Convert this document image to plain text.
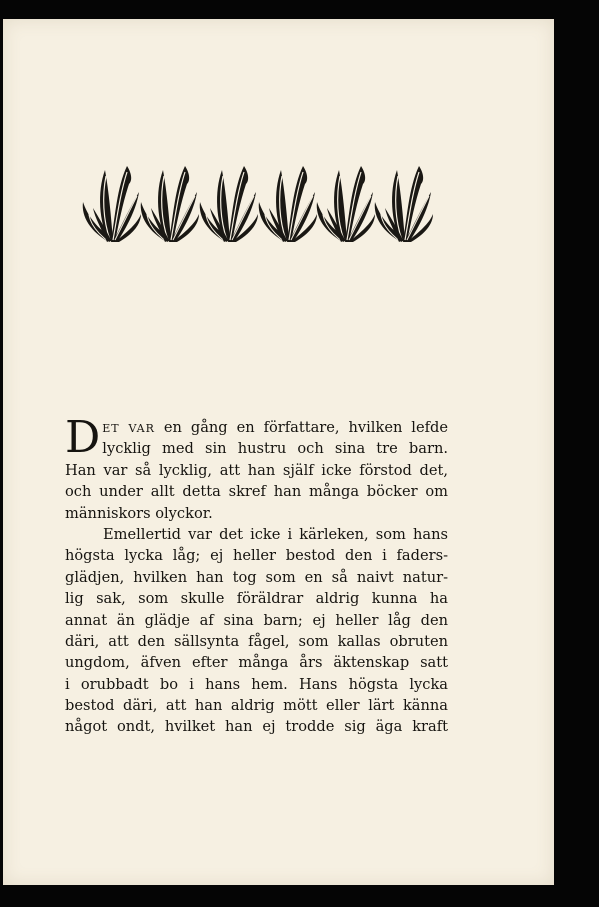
D ET VAR en gång en författare, hvilken lefde
lycklig med sin hustru och sina tre barn.
Han var så lycklig, att han själf icke förstod det,
och under allt detta skref han många böcker om
människors olyckor.
Emellertid var det icke i kärleken, som hans
högsta lycka låg; ej heller bestod den i faders-
glädjen, hvilken han tog som en så naivt natur-
lig sak, som skulle föräldrar aldrig kunna ha
annat än glädje af sina barn; ej heller låg den
däri, att den sällsynta fågel, som kallas obruten
ungdom, äfven efter många års äktenskap satt
i orubbadt bo i hans hem. Hans högsta lycka
bestod däri, att han aldrig mött eller lärt känna
något ondt, hvilket han ej trodde sig äga kraft
